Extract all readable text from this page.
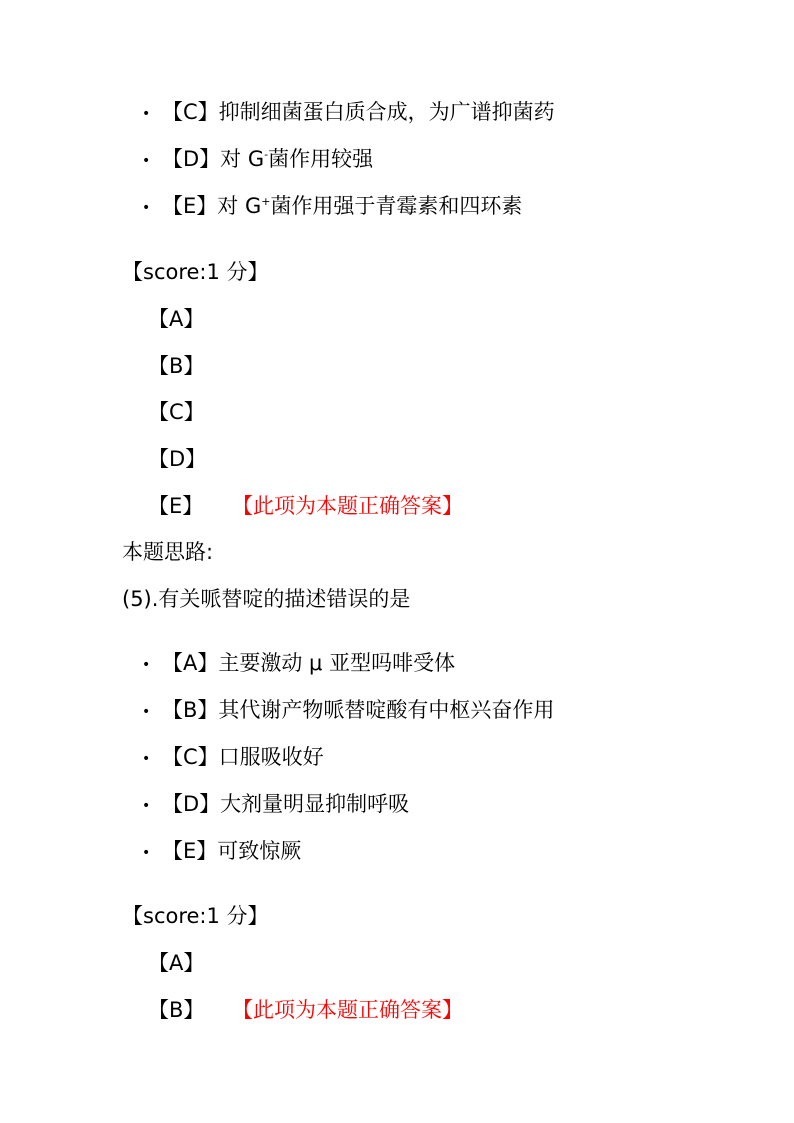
• 【C】抑制细菌蛋白质合成，为广谱抑菌药
• 【D】对 G-菌作用较强
• 【E】对 G+菌作用强于青霉素和四环素
【score:1 分】
【A】
【B】
【C】
【D】
【E】 【此项为本题正确答案】
本题思路:
(5).有关哌替啶的描述错误的是
• 【A】主要激动 μ 亚型吗啡受体
• 【B】其代谢产物哌替啶酸有中枢兴奋作用
• 【C】口服吸收好
• 【D】大剂量明显抑制呼吸
• 【E】可致惊厥
【score:1 分】
【A】
【B】 【此项为本题正确答案】
